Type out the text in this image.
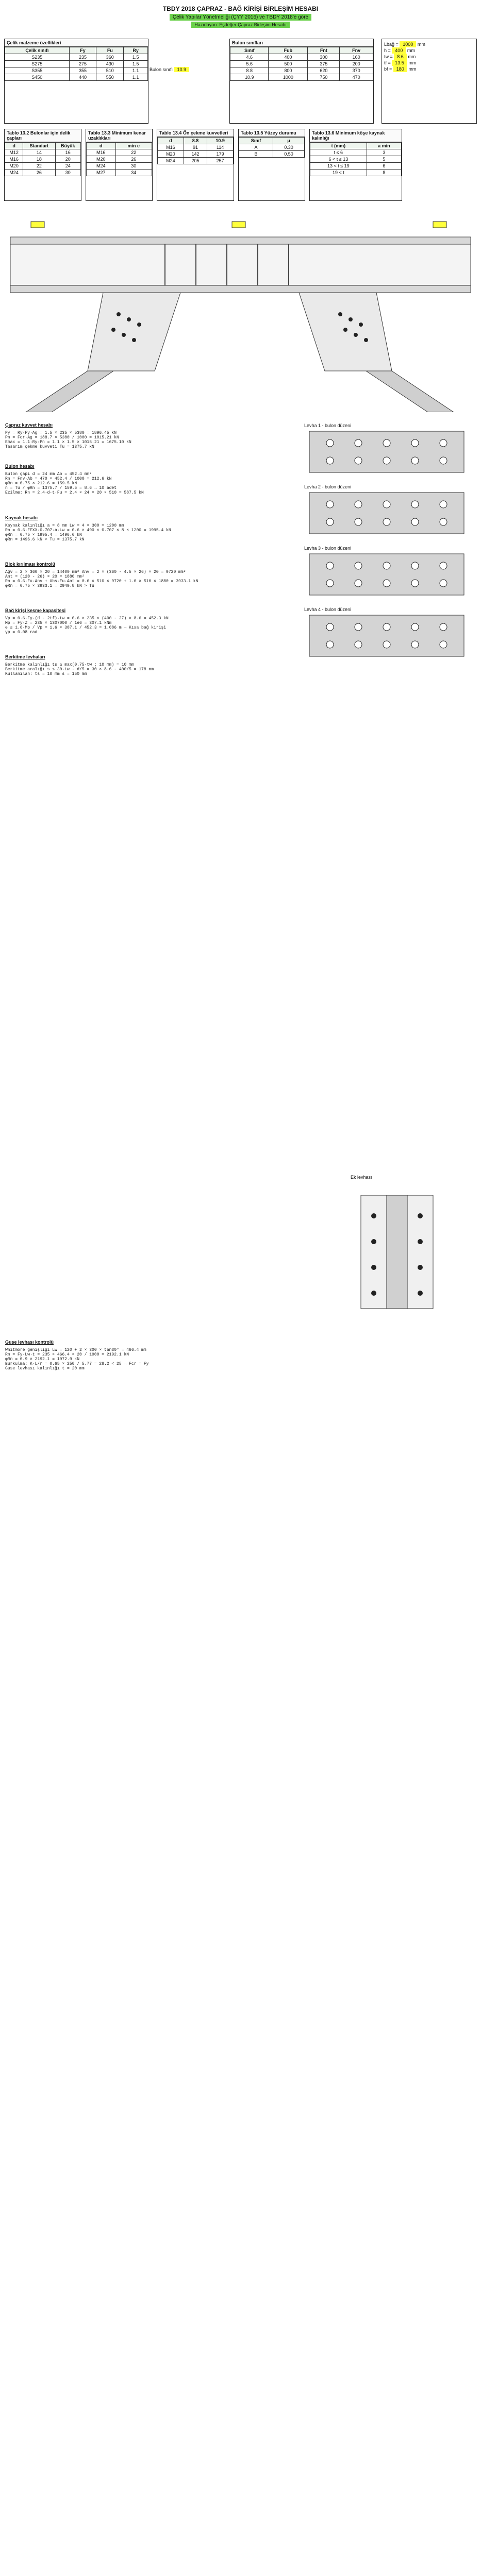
TBDY 2018 ÇAPRAZ - BAĞ KİRİŞİ BİRLEŞİM HESABI
Çelik Yapılar Yönetmeliği (ÇYY 2016) ve TBDY 2018'e göre
Hazırlayan: Eşdeğer Çapraz Birleşim Hesabı
Çelik malzeme özellikleri
Çelik sınıfı	Fy	Fu	Ry
S235	235	360	1.5
S275	275	430	1.5
S355	355	510	1.1
S450	440	550	1.1
Bulon sınıfı 10.9
Bulon sınıfları
Sınıf	Fub	Fnt	Fnv
4.6	400	300	160
5.6	500	375	200
8.8	800	620	370
10.9	1000	750	470
Lbağ = 1000 mm
h = 400 mm
tw = 8.6 mm
tf = 13.5 mm
bf = 180 mm
Tablo 13.2 Bulonlar için delik çapları
d	Standart	Büyük
M12	14	16
M16	18	20
M20	22	24
M24	26	30
Tablo 13.3 Minimum kenar uzaklıkları
d	min e
M16	22
M20	26
M24	30
M27	34
Tablo 13.4 Ön çekme kuvvetleri
d	8.8	10.9
M16	91	114
M20	142	179
M24	205	257
Tablo 13.5 Yüzey durumu
Sınıf	μ
A	0.30
B	0.50
Tablo 13.6 Minimum köşe kaynak kalınlığı
t (mm)	a min
t ≤ 6	3
6 < t ≤ 13	5
13 < t ≤ 19	6
19 < t	8
Çapraz kuvvet hesabı
Py = Ry·Fy·Ag = 1.5 × 235 × 5380 = 1896.45 kN
Pn = Fcr·Ag = 188.7 × 5380 / 1000 = 1015.21 kN
Emax = 1.1·Ry·Pn = 1.1 × 1.5 × 1015.21 = 1675.10 kN
Tasarım çekme kuvveti Tu = 1375.7 kN
Bulon hesabı
Bulon çapı d = 24 mm Ab = 452.4 mm²
Rn = Fnv·Ab = 470 × 452.4 / 1000 = 212.6 kN
φRn = 0.75 × 212.6 = 159.5 kN
n = Tu / φRn = 1375.7 / 159.5 = 8.6 → 10 adet
Ezilme: Rn = 2.4·d·t·Fu = 2.4 × 24 × 20 × 510 = 587.5 kN
Levha 1 - bulon düzeni
Levha 2 - bulon düzeni
Levha 3 - bulon düzeni
Levha 4 - bulon düzeni
Kaynak hesabı
Kaynak kalınlığı a = 8 mm Lw = 4 × 300 = 1200 mm
Rn = 0.6·FEXX·0.707·a·Lw = 0.6 × 490 × 0.707 × 8 × 1200 = 1995.4 kN
φRn = 0.75 × 1995.4 = 1496.6 kN
φRn = 1496.6 kN > Tu = 1375.7 kN
Blok kırılması kontrolü
Agv = 2 × 360 × 20 = 14400 mm² Anv = 2 × (360 - 4.5 × 26) × 20 = 9720 mm²
Ant = (120 - 26) × 20 = 1880 mm²
Rn = 0.6·Fu·Anv + Ubs·Fu·Ant = 0.6 × 510 × 9720 + 1.0 × 510 × 1880 = 3933.1 kN
φRn = 0.75 × 3933.1 = 2949.8 kN > Tu
Bağ kirişi kesme kapasitesi
Vp = 0.6·Fy·(d - 2tf)·tw = 0.6 × 235 × (400 - 27) × 8.6 = 452.3 kN
Mp = Fy·Z = 235 × 1307000 / 1e6 = 307.1 kNm
e ≤ 1.6·Mp / Vp = 1.6 × 307.1 / 452.3 = 1.086 m → Kısa bağ kirişi
γp = 0.08 rad
Berkitme levhaları
Berkitme kalınlığı ts ≥ max(0.75·tw ; 10 mm) = 10 mm
Berkitme aralığı s ≤ 30·tw - d/5 = 30 × 8.6 - 400/5 = 178 mm
Kullanılan: ts = 10 mm s = 150 mm
Ek levhası
Guse levhası kontrolü
Whitmore genişliği Lw = 120 + 2 × 300 × tan30° = 466.4 mm
Rn = Fy·Lw·t = 235 × 466.4 × 20 / 1000 = 2192.1 kN
φRn = 0.9 × 2192.1 = 1972.9 kN
Burkulma: K·L/r = 0.65 × 250 / 5.77 = 28.2 < 25 → Fcr = Fy
Guse levhası kalınlığı t = 20 mm
